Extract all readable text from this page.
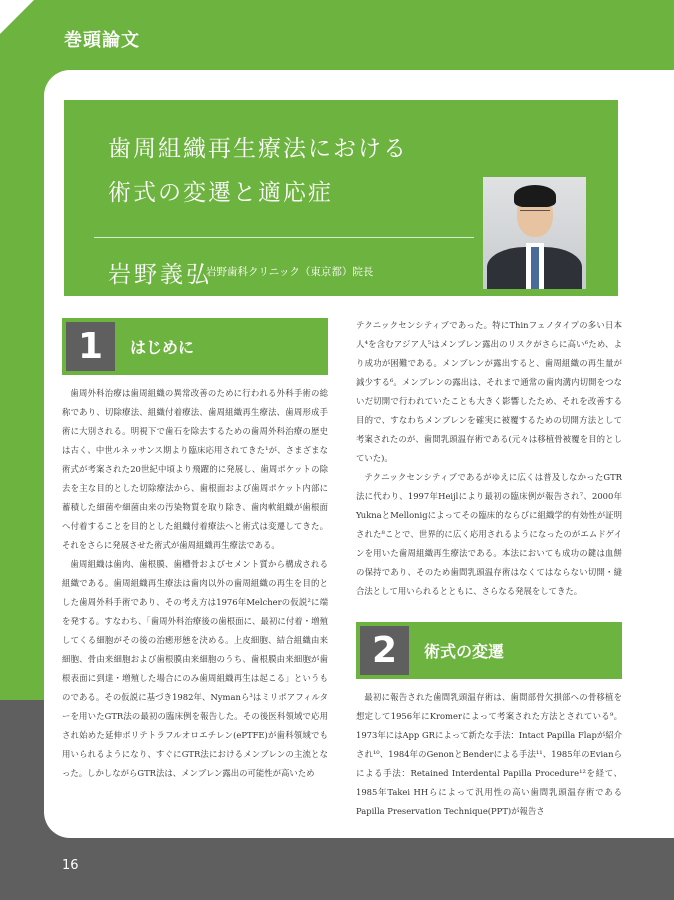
巻頭論文
歯周組織再生療法における
術式の変遷と適応症
岩野義弘
岩野歯科クリニック（東京都）院長
1	はじめに

歯周外科治療は歯周組織の異常改善のために行われる外科手術の総称であり、切除療法、組織付着療法、歯周組織再生療法、歯周形成手術に大別される。明視下で歯石を除去するための歯周外科治療の歴史は古く、中世ルネッサンス期より臨床応用されてきた¹が、さまざまな術式が考案された20世紀中頃より飛躍的に発展し、歯周ポケットの除去を主な目的とした切除療法から、歯根面および歯周ポケット内部に蓄積した細菌や細菌由来の汚染物質を取り除き、歯肉軟組織が歯根面へ付着することを目的とした組織付着療法へと術式は変遷してきた。それをさらに発展させた術式が歯周組織再生療法である。

歯周組織は歯肉、歯根膜、歯槽骨およびセメント質から構成される組織である。歯周組織再生療法は歯肉以外の歯周組織の再生を目的とした歯周外科手術であり、その考え方は1976年Melcherの仮説²に端を発する。すなわち、「歯周外科治療後の歯根面に、最初に付着・増殖してくる細胞がその後の治癒形態を決める。上皮細胞、結合組織由来細胞、骨由来細胞および歯根膜由来細胞のうち、歯根膜由来細胞が歯根表面に到達・増殖した場合にのみ歯周組織再生は起こる」というものである。その仮説に基づき1982年、Nymanら³はミリポアフィルターを用いたGTR法の最初の臨床例を報告した。その後医科領域で応用され始めた延伸ポリテトラフルオロエチレン(ePTFE)が歯科領域でも用いられるようになり、すぐにGTR法におけるメンブレンの主流となった。しかしながらGTR法は、メンブレン露出の可能性が高いため

テクニックセンシティブであった。特にThinフェノタイプの多い日本人⁴を含むアジア人⁵はメンブレン露出のリスクがさらに高い⁶ため、より成功が困難である。メンブレンが露出すると、歯周組織の再生量が減少する⁶。メンブレンの露出は、それまで通常の歯肉溝内切開をつないだ切開で行われていたことも大きく影響したため、それを改善する目的で、すなわちメンブレンを確実に被覆するための切開方法として考案されたのが、歯間乳頭温存術である(元々は移植骨被覆を目的としていた)。

テクニックセンシティブであるがゆえに広くは普及しなかったGTR法に代わり、1997年Heijlにより最初の臨床例が報告され⁷、2000年YuknaとMellonigによってその臨床的ならびに組織学的有効性が証明された⁸ことで、世界的に広く応用されるようになったのがエムドゲインを用いた歯周組織再生療法である。本法においても成功の鍵は血餅の保持であり、そのため歯間乳頭温存術はなくてはならない切開・縫合法として用いられるとともに、さらなる発展をしてきた。

2	術式の変遷

最初に報告された歯間乳頭温存術は、歯間部骨欠損部への骨移植を想定して1956年にKromerによって考案された方法とされている⁹。1973年にはApp GRによって新たな手法：Intact Papilla Flapが紹介され¹⁰、1984年のGenonとBenderによる手法¹¹、1985年のEvianらによる手法：Retained Interdental Papilla Procedure¹²を経て、1985年Takei HHらによって汎用性の高い歯間乳頭温存術であるPapilla Preservation Technique(PPT)が報告さ

16
